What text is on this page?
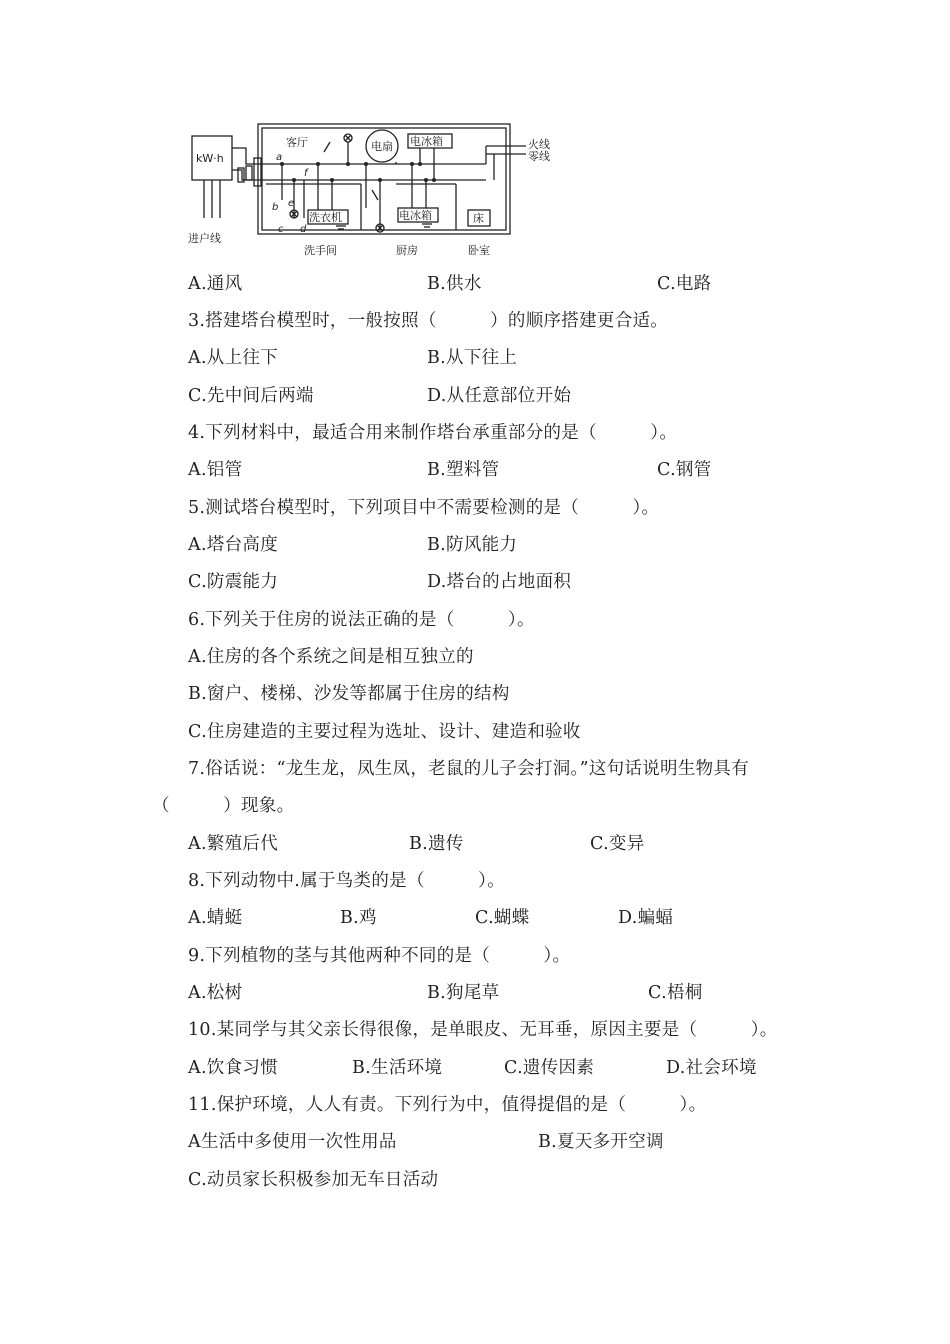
kW·h
进户线
火线
零线
客厅	电扇 电冰箱
洗衣机	电冰箱	床
洗手间	厨房	卧室
a
b
c d
e
f
A.通风	B.供水	C.电路
3.搭建塔台模型时，一般按照（　　　）的顺序搭建更合适。
A.从上往下	B.从下往上
C.先中间后两端	D.从任意部位开始
4.下列材料中，最适合用来制作塔台承重部分的是（　　　）。
A.铝管	B.塑料管	C.钢管
5.测试塔台模型时，下列项目中不需要检测的是（　　　）。
A.塔台高度	B.防风能力
C.防震能力	D.塔台的占地面积
6.下列关于住房的说法正确的是（　　　）。
A.住房的各个系统之间是相互独立的
B.窗户、楼梯、沙发等都属于住房的结构
C.住房建造的主要过程为选址、设计、建造和验收
7.俗话说：“龙生龙，凤生凤，老鼠的儿子会打洞。”这句话说明生物具有
（　　　）现象。
A.繁殖后代	B.遗传	C.变异
8.下列动物中.属于鸟类的是（　　　）。
A.蜻蜓	B.鸡	C.蝴蝶	D.蝙蝠
9.下列植物的茎与其他两种不同的是（　　　）。
A.松树	B.狗尾草	C.梧桐
10.某同学与其父亲长得很像，是单眼皮、无耳垂，原因主要是（　　　）。
A.饮食习惯	B.生活环境	C.遗传因素	D.社会环境
11.保护环境，人人有责。下列行为中，值得提倡的是（　　　）。
A生活中多使用一次性用品	B.夏天多开空调
C.动员家长积极参加无车日活动
